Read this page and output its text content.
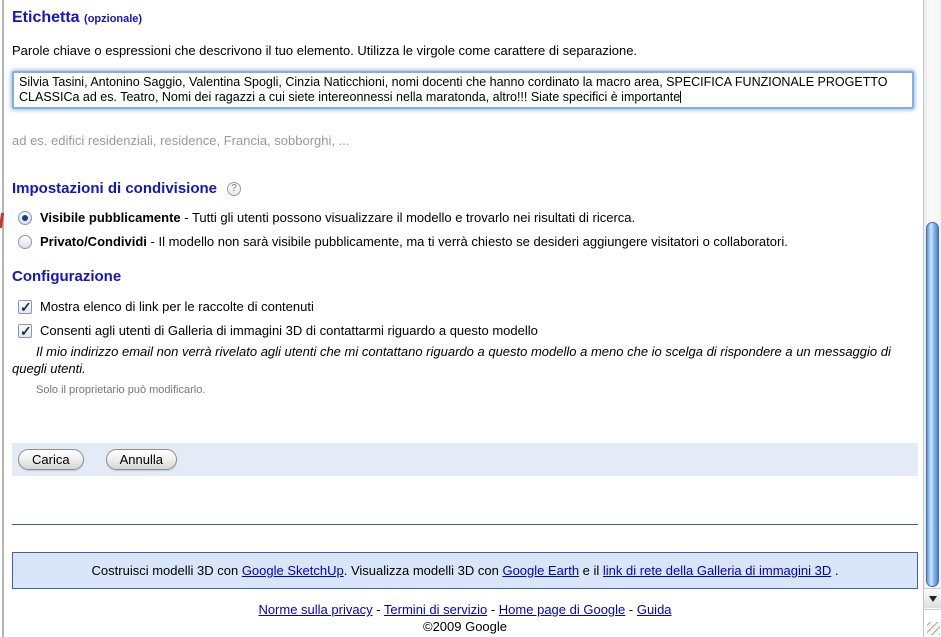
Etichetta (opzionale)

Parole chiave o espressioni che descrivono il tuo elemento. Utilizza le virgole come carattere di separazione.

Silvia Tasini, Antonino Saggio, Valentina Spogli, Cinzia Naticchioni, nomi docenti che hanno cordinato la macro area, SPECIFICA FUNZIONALE PROGETTO CLASSICa ad es. Teatro, Nomi dei ragazzi a cui siete intereonnessi nella maratonda, altro!!! Siate specifici è importante

ad es. edifici residenziali, residence, Francia, sobborghi, ...

Impostazioni di condivisione ?
Visibile pubblicamente - Tutti gli utenti possono visualizzare il modello e trovarlo nei risultati di ricerca.
Privato/Condividi - Il modello non sarà visibile pubblicamente, ma ti verrà chiesto se desideri aggiungere visitatori o collaboratori.
Configurazione
✓
Mostra elenco di link per le raccolte di contenuti
✓
Consenti agli utenti di Galleria di immagini 3D di contattarmi riguardo a questo modello

Il mio indirizzo email non verrà rivelato agli utenti che mi contattano riguardo a questo modello a meno che io scelga di rispondere a un messaggio di quegli utenti.

Solo il proprietario può modificarlo.

Carica	Annulla
Costruisci modelli 3D con Google SketchUp. Visualizza modelli 3D con Google Earth e il link di rete della Galleria di immagini 3D .
Norme sulla privacy - Termini di servizio - Home page di Google - Guida
©2009 Google
